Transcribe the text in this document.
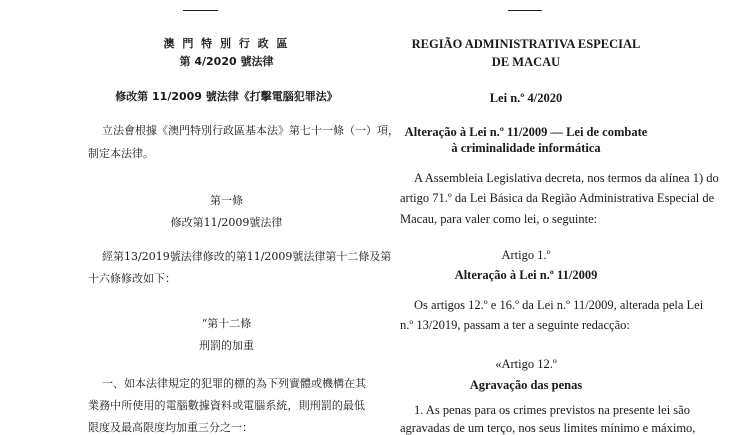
澳 門 特 別 行 政 區
第 4/2020 號法律
修改第 11/2009 號法律《打擊電腦犯罪法》
立法會根據《澳門特別行政區基本法》第七十一條（一）項，
制定本法律。
第一條
修改第11/2009號法律
經第13/2019號法律修改的第11/2009號法律第十二條及第
十六條修改如下：
“第十二條
刑罰的加重
一、如本法律規定的犯罪的標的為下列實體或機構在其
業務中所使用的電腦數據資料或電腦系統，則刑罰的最低
限度及最高限度均加重三分之一：
REGIÃO ADMINISTRATIVA ESPECIAL
DE MACAU
Lei n.º 4/2020
Alteração à Lei n.º 11/2009 — Lei de combate
à criminalidade informática
A Assembleia Legislativa decreta, nos termos da alínea 1) do
artigo 71.º da Lei Básica da Região Administrativa Especial de
Macau, para valer como lei, o seguinte:
Artigo 1.º
Alteração à Lei n.º 11/2009
Os artigos 12.º e 16.º da Lei n.º 11/2009, alterada pela Lei
n.º 13/2019, passam a ter a seguinte redacção:
«Artigo 12.º
Agravação das penas
1. As penas para os crimes previstos na presente lei são
agravadas de um terço, nos seus limites mínimo e máximo,
